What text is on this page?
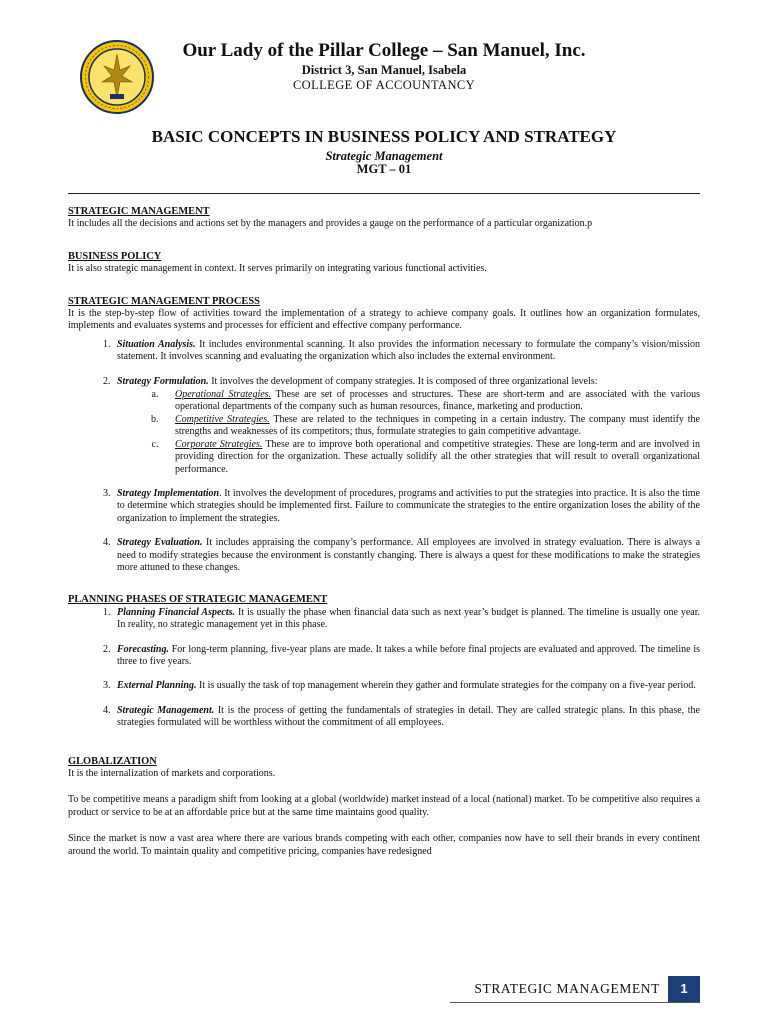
Our Lady of the Pillar College – San Manuel, Inc.
District 3, San Manuel, Isabela
COLLEGE OF ACCOUNTANCY
BASIC CONCEPTS IN BUSINESS POLICY AND STRATEGY
Strategic Management
MGT – 01

STRATEGIC MANAGEMENT

It includes all the decisions and actions set by the managers and provides a gauge on the performance of a particular organization.p

BUSINESS POLICY

It is also strategic management in context. It serves primarily on integrating various functional activities.

STRATEGIC MANAGEMENT PROCESS

It is the step-by-step flow of activities toward the implementation of a strategy to achieve company goals. It outlines how an organization formulates, implements and evaluates systems and processes for efficient and effective company performance.

1. Situation Analysis. It includes environmental scanning. It also provides the information necessary to formulate the company’s vision/mission statement. It involves scanning and evaluating the organization which also includes the external environment.
2. Strategy Formulation. It involves the development of company strategies. It is composed of three organizational levels:
a. Operational Strategies. These are set of processes and structures. These are short-term and are associated with the various operational departments of the company such as human resources, finance, marketing and production.
b. Competitive Strategies. These are related to the techniques in competing in a certain industry. The company must identify the strengths and weaknesses of its competitors; thus, formulate strategies to gain competitive advantage.
c. Corporate Strategies. These are to improve both operational and competitive strategies. These are long-term and are involved in providing direction for the organization. These actually solidify all the other strategies that will result to overall organizational performance.
3. Strategy Implementation. It involves the development of procedures, programs and activities to put the strategies into practice. It is also the time to determine which strategies should be implemented first. Failure to communicate the strategies to the entire organization loses the ability of the organization to implement the strategies.
4. Strategy Evaluation. It includes appraising the company’s performance. All employees are involved in strategy evaluation. There is always a need to modify strategies because the environment is constantly changing. There is always a quest for these modifications to make the strategies more attuned to these changes.

PLANNING PHASES OF STRATEGIC MANAGEMENT

1. Planning Financial Aspects. It is usually the phase when financial data such as next year’s budget is planned. The timeline is usually one year. In reality, no strategic management yet in this phase.
2. Forecasting. For long-term planning, five-year plans are made. It takes a while before final projects are evaluated and approved. The timeline is three to five years.
3. External Planning. It is usually the task of top management wherein they gather and formulate strategies for the company on a five-year period.
4. Strategic Management. It is the process of getting the fundamentals of strategies in detail. They are called strategic plans. In this phase, the strategies formulated will be worthless without the commitment of all employees.

GLOBALIZATION

It is the internalization of markets and corporations.

To be competitive means a paradigm shift from looking at a global (worldwide) market instead of a local (national) market. To be competitive also requires a product or service to be at an affordable price but at the same time maintains good quality.

Since the market is now a vast area where there are various brands competing with each other, companies now have to sell their brands in every continent around the world. To maintain quality and competitive pricing, companies have redesigned

STRATEGIC MANAGEMENT	1
